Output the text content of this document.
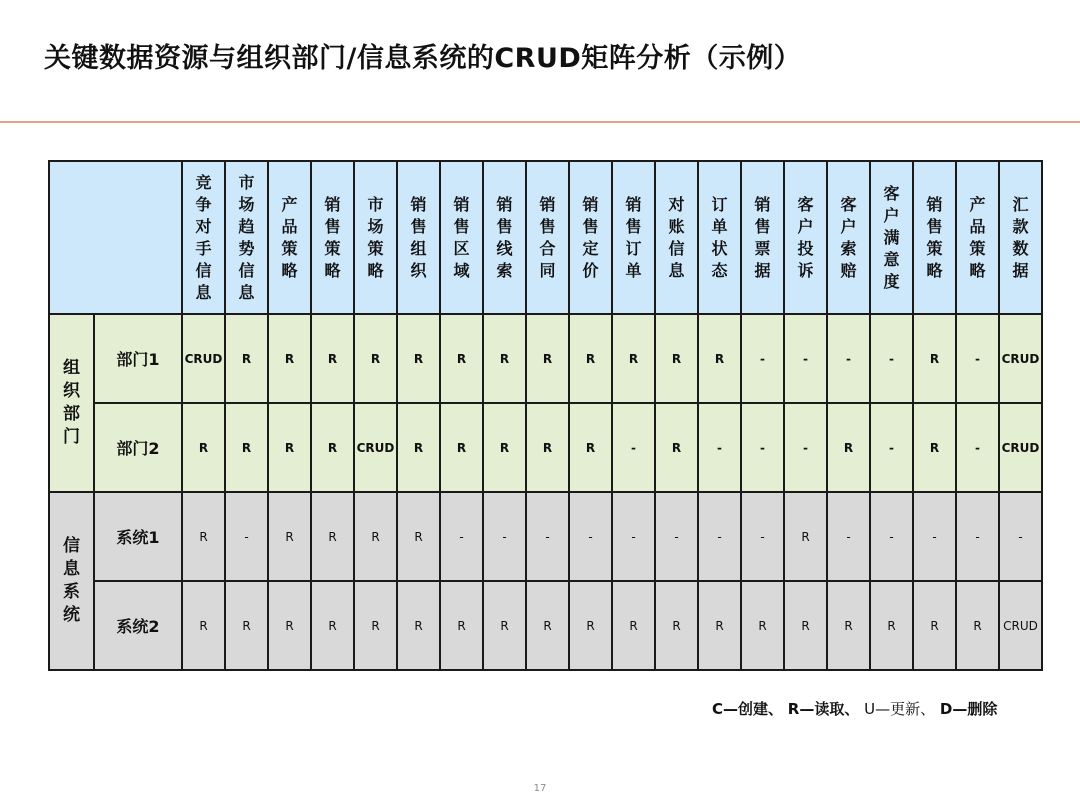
关键数据资源与组织部门/信息系统的CRUD矩阵分析（示例）
		竞争对手信息	市场趋势信息	产品策略	销售策略	市场策略	销售组织	销售区域	销售线索	销售合同	销售定价	销售订单	对账信息	订单状态	销售票据	客户投诉	客户索赔	客户满意度	销售策略	产品策略	汇款数据
组织部门	部门1	CRUD	R	R	R	R	R	R	R	R	R	R	R	R	-	-	-	-	R	-	CRUD
	部门2	R	R	R	R	CRUD	R	R	R	R	R	-	R	-	-	-	R	-	R	-	CRUD
信息系统	系统1	R	-	R	R	R	R	-	-	-	-	-	-	-	-	R	-	-	-	-	-
	系统2	R	R	R	R	R	R	R	R	R	R	R	R	R	R	R	R	R	R	R	CRUD
C—创建、 R—读取、 U—更新、 D—删除
17
